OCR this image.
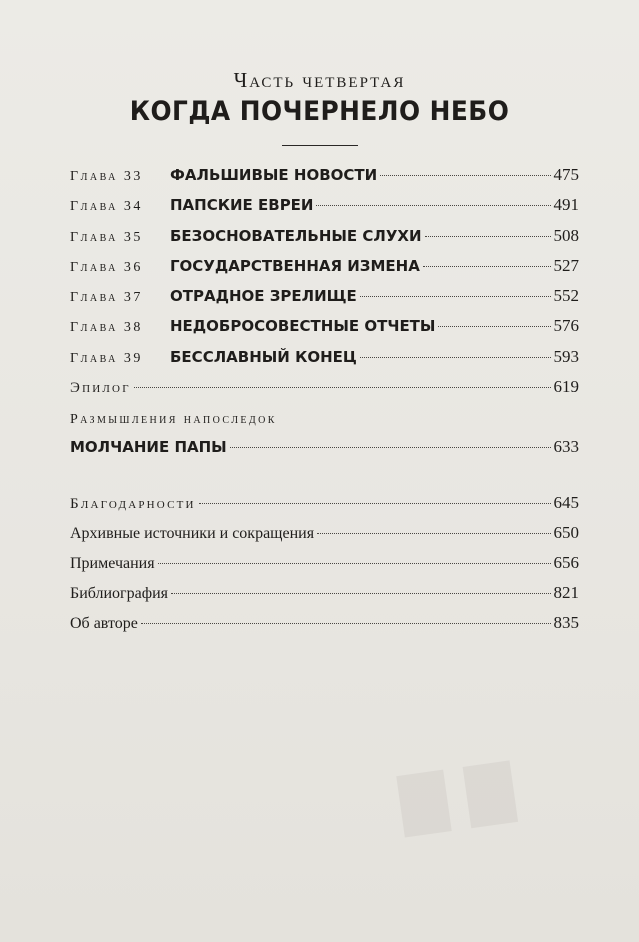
▇ ▇
Часть четвертая
КОГДА ПОЧЕРНЕЛО НЕБО
Глава 33	ФАЛЬШИВЫЕ НОВОСТИ	475
Глава 34	ПАПСКИЕ ЕВРЕИ	491
Глава 35	БЕЗОСНОВАТЕЛЬНЫЕ СЛУХИ	508
Глава 36	ГОСУДАРСТВЕННАЯ ИЗМЕНА	527
Глава 37	ОТРАДНОЕ ЗРЕЛИЩЕ	552
Глава 38	НЕДОБРОСОВЕСТНЫЕ ОТЧЕТЫ	576
Глава 39	БЕССЛАВНЫЙ КОНЕЦ	593
Эпилог	619
Размышления напоследок
МОЛЧАНИЕ ПАПЫ	633
Благодарности	645
Архивные источники и сокращения	650
Примечания	656
Библиография	821
Об авторе	835
